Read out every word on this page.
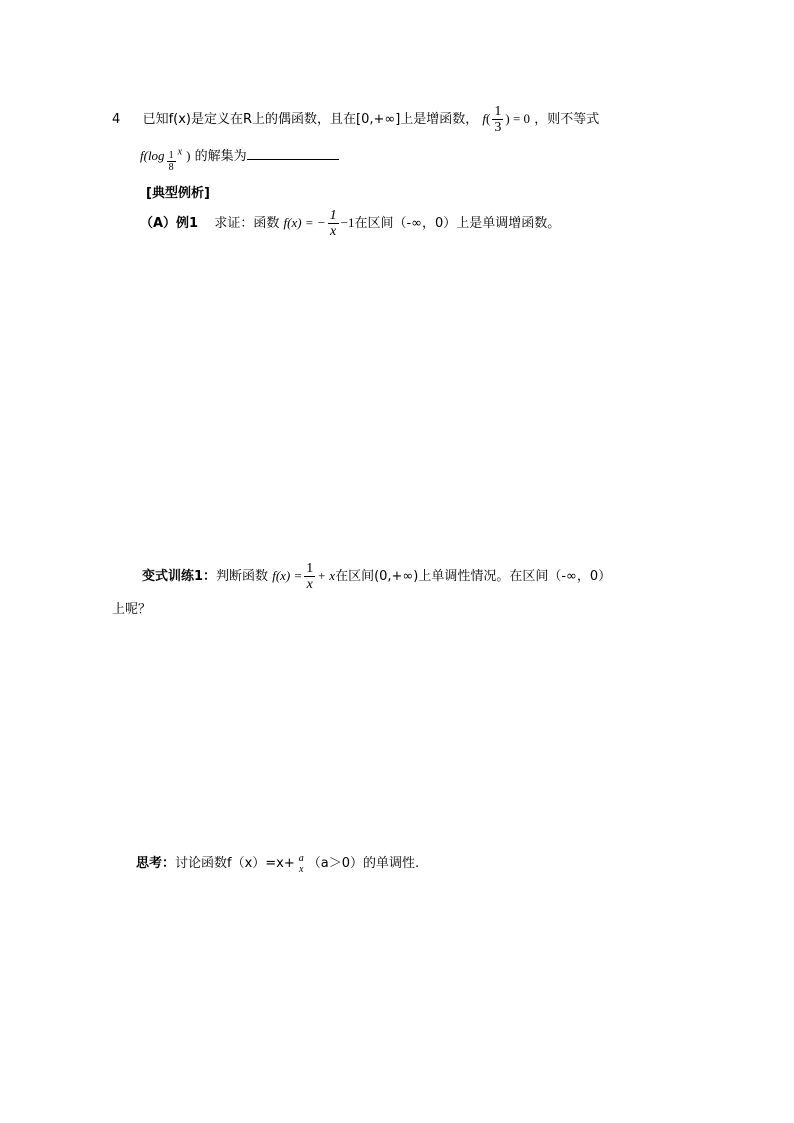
4 已知f(x)是定义在R上的偶函数，且在[0,+∞]上是增函数， $f( \frac{1}{3}$ ) = 0 ，则不等式
$f(\log \frac{1}{8} ^x$ ) 的解集为
[典型例析]
（A）例1 求证：函数 f(x) = − $\frac{1}{x} -1$在区间（-∞，0）上是单调增函数。
变式训练1：判断函数 $f(x) = \frac{1}{x} + x$在区间(0,+∞)上单调性情况。在区间（-∞，0）
上呢？
思考：讨论函数f（x）=x+ a
x （a＞0）的单调性.
